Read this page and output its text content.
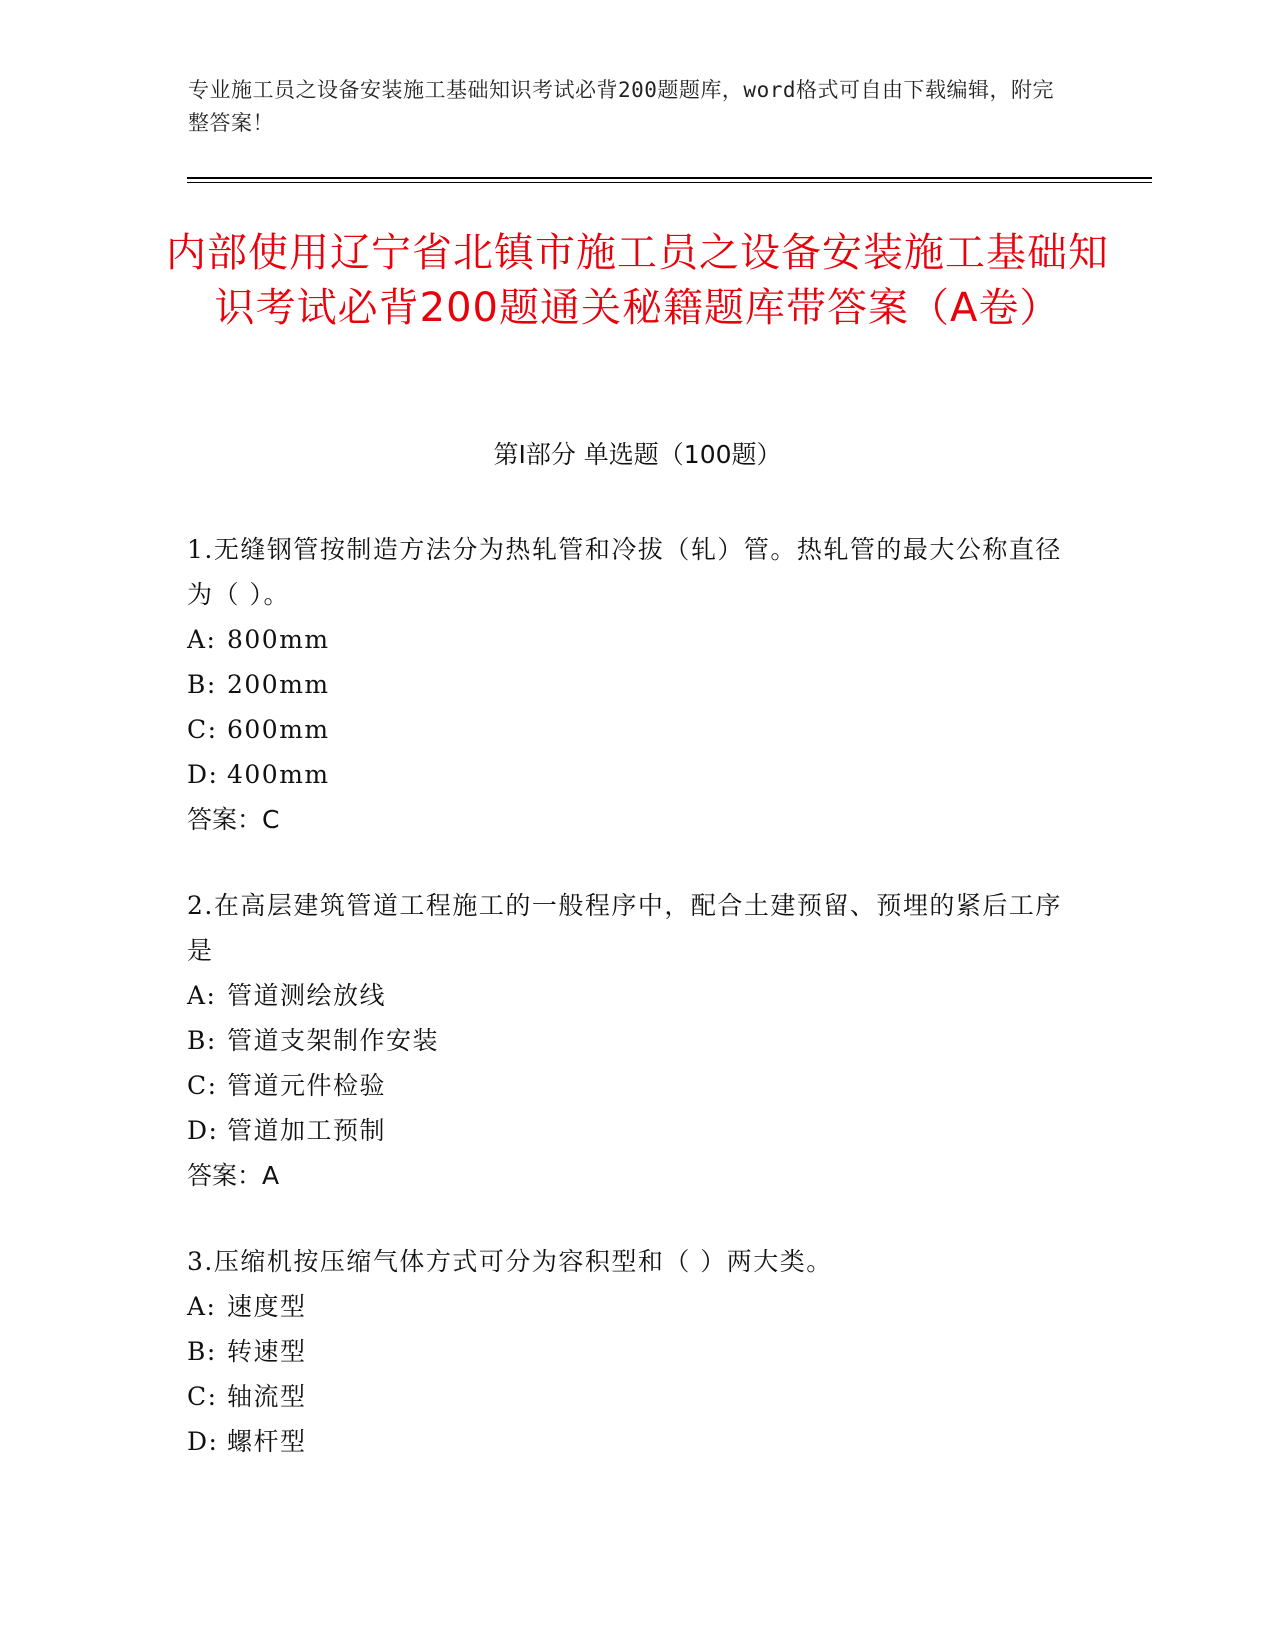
专业施工员之设备安装施工基础知识考试必背200题题库，word格式可自由下载编辑，附完整答案！
内部使用辽宁省北镇市施工员之设备安装施工基础知识考试必背200题通关秘籍题库带答案（A卷）
第I部分 单选题（100题）

1.无缝钢管按制造方法分为热轧管和冷拔（轧）管。热轧管的最大公称直径为（ ）。

A: 800mm

B: 200mm

C: 600mm

D: 400mm

答案：C

2.在高层建筑管道工程施工的一般程序中，配合土建预留、预埋的紧后工序是

A: 管道测绘放线

B: 管道支架制作安装

C: 管道元件检验

D: 管道加工预制

答案：A

3.压缩机按压缩气体方式可分为容积型和（ ）两大类。

A: 速度型

B: 转速型

C: 轴流型

D: 螺杆型
